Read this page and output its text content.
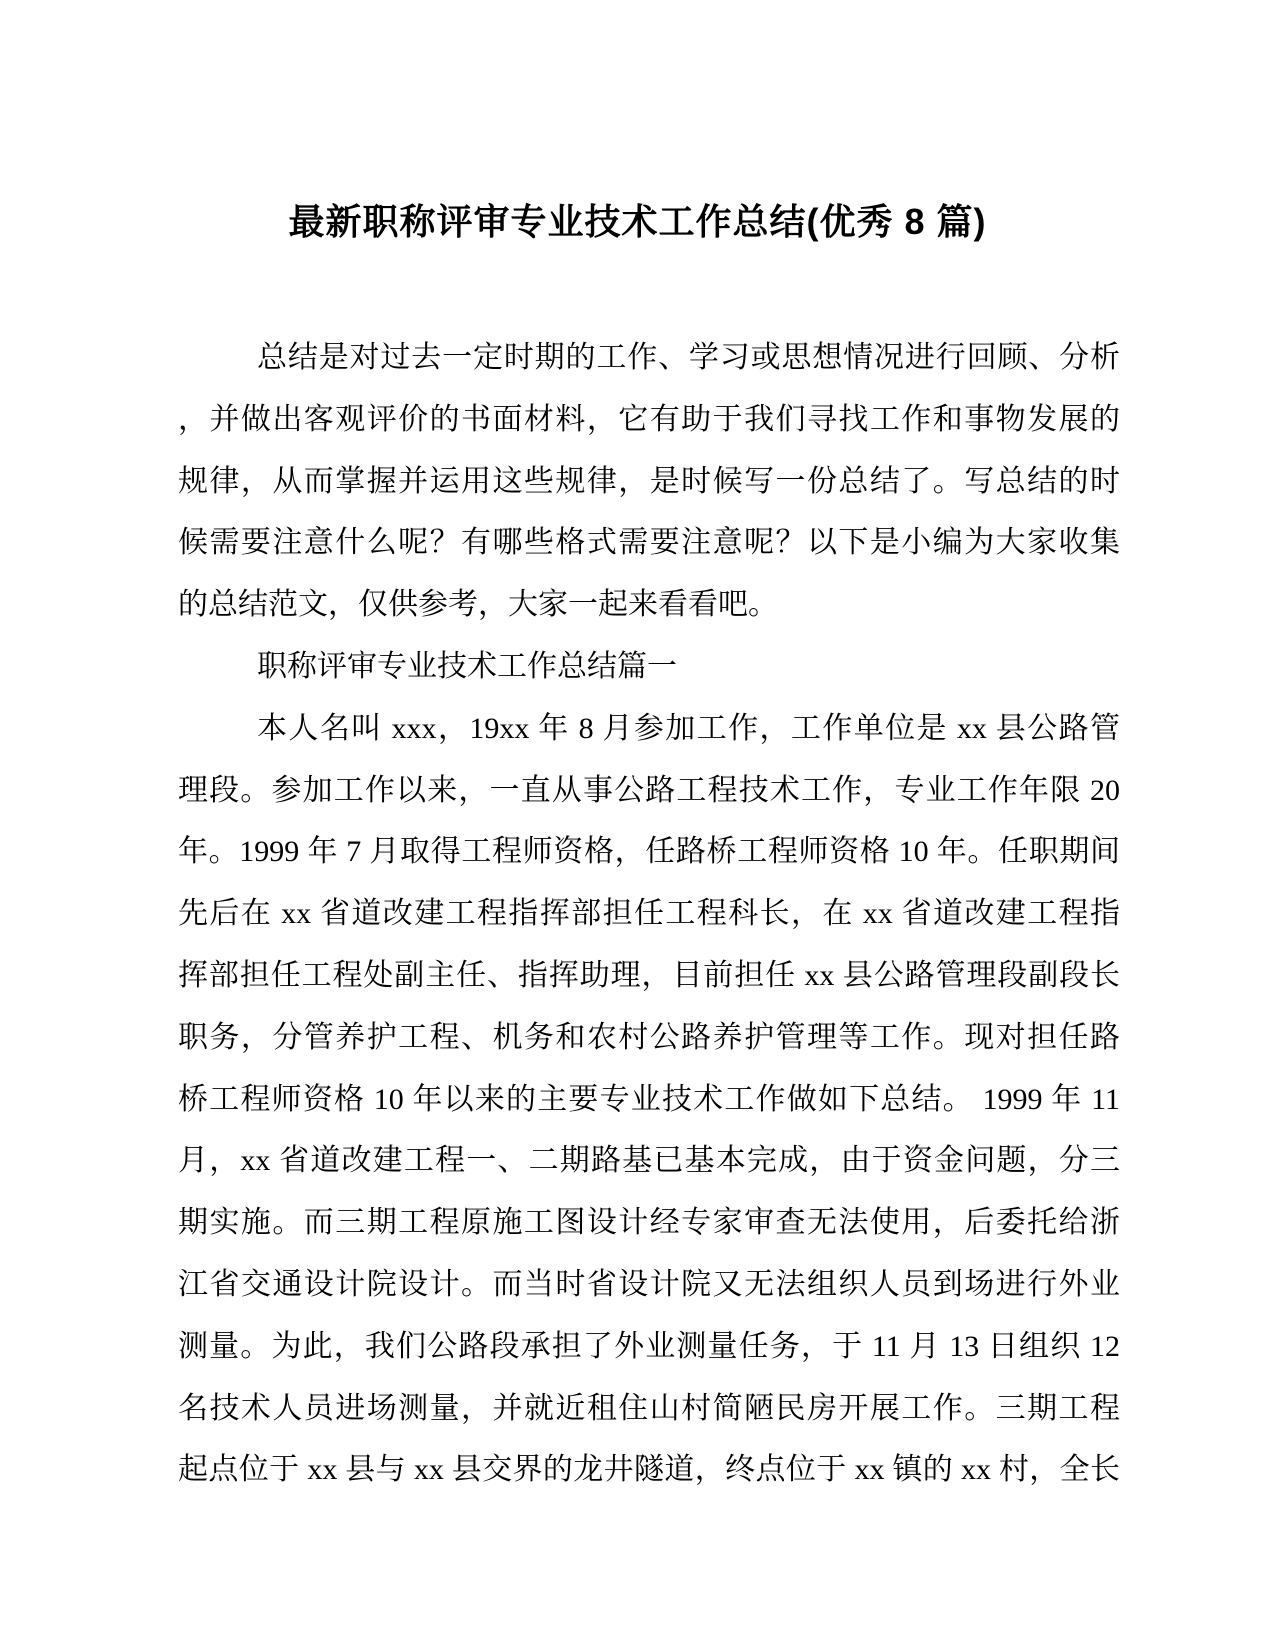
最新职称评审专业技术工作总结(优秀 8 篇)
总结是对过去一定时期的工作、学习或思想情况进行回顾、分析
，并做出客观评价的书面材料，它有助于我们寻找工作和事物发展的
规律，从而掌握并运用这些规律，是时候写一份总结了。写总结的时
候需要注意什么呢？有哪些格式需要注意呢？以下是小编为大家收集
的总结范文，仅供参考，大家一起来看看吧。
职称评审专业技术工作总结篇一
本人名叫 xxx，19xx 年 8 月参加工作，工作单位是 xx 县公路管
理段。参加工作以来，一直从事公路工程技术工作，专业工作年限 20
年。1999 年 7 月取得工程师资格，任路桥工程师资格 10 年。任职期间
先后在 xx 省道改建工程指挥部担任工程科长，在 xx 省道改建工程指
挥部担任工程处副主任、指挥助理，目前担任 xx 县公路管理段副段长
职务，分管养护工程、机务和农村公路养护管理等工作。现对担任路
桥工程师资格 10 年以来的主要专业技术工作做如下总结。 1999 年 11
月，xx 省道改建工程一、二期路基已基本完成，由于资金问题，分三
期实施。而三期工程原施工图设计经专家审查无法使用，后委托给浙
江省交通设计院设计。而当时省设计院又无法组织人员到场进行外业
测量。为此，我们公路段承担了外业测量任务，于 11 月 13 日组织 12
名技术人员进场测量，并就近租住山村简陋民房开展工作。三期工程
起点位于 xx 县与 xx 县交界的龙井隧道，终点位于 xx 镇的 xx 村，全长
